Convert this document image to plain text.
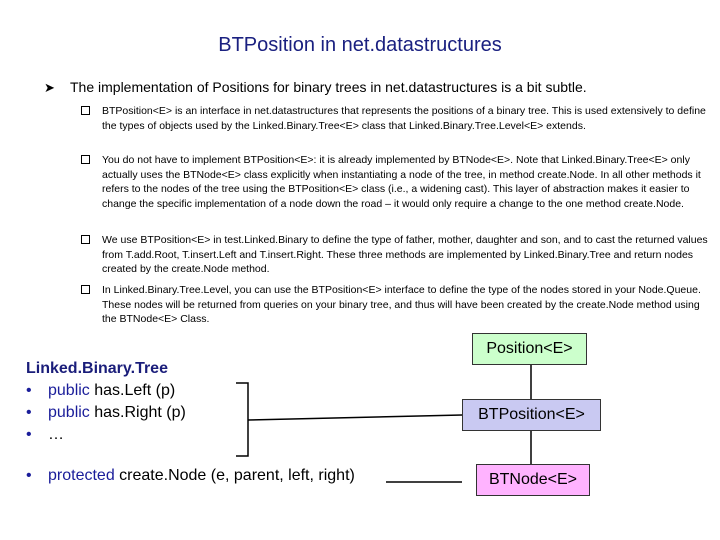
BTPosition in net.datastructures
➤ The implementation of Positions for binary trees in net.datastructures is a bit subtle.
BTPosition<E> is an interface in net.datastructures that represents the positions of a binary tree. This is used extensively to define the types of objects used by the Linked.Binary.Tree<E> class that Linked.Binary.Tree.Level<E> extends.
You do not have to implement BTPosition<E>: it is already implemented by BTNode<E>. Note that Linked.Binary.Tree<E> only actually uses the BTNode<E> class explicitly when instantiating a node of the tree, in method create.Node. In all other methods it refers to the nodes of the tree using the BTPosition<E> class (i.e., a widening cast). This layer of abstraction makes it easier to change the specific implementation of a node down the road – it would only require a change to the one method create.Node.
We use BTPosition<E> in test.Linked.Binary to define the type of father, mother, daughter and son, and to cast the returned values from T.add.Root, T.insert.Left and T.insert.Right. These three methods are implemented by Linked.Binary.Tree and return nodes created by the create.Node method.
In Linked.Binary.Tree.Level, you can use the BTPosition<E> interface to define the type of the nodes stored in your Node.Queue. These nodes will be returned from queries on your binary tree, and thus will have been created by the create.Node method using the BTNode<E> Class.
Linked.Binary.Tree
• public has.Left (p)
• public has.Right (p)
• …
• protected create.Node (e, parent, left, right)
Position<E>
BTPosition<E>
BTNode<E>
